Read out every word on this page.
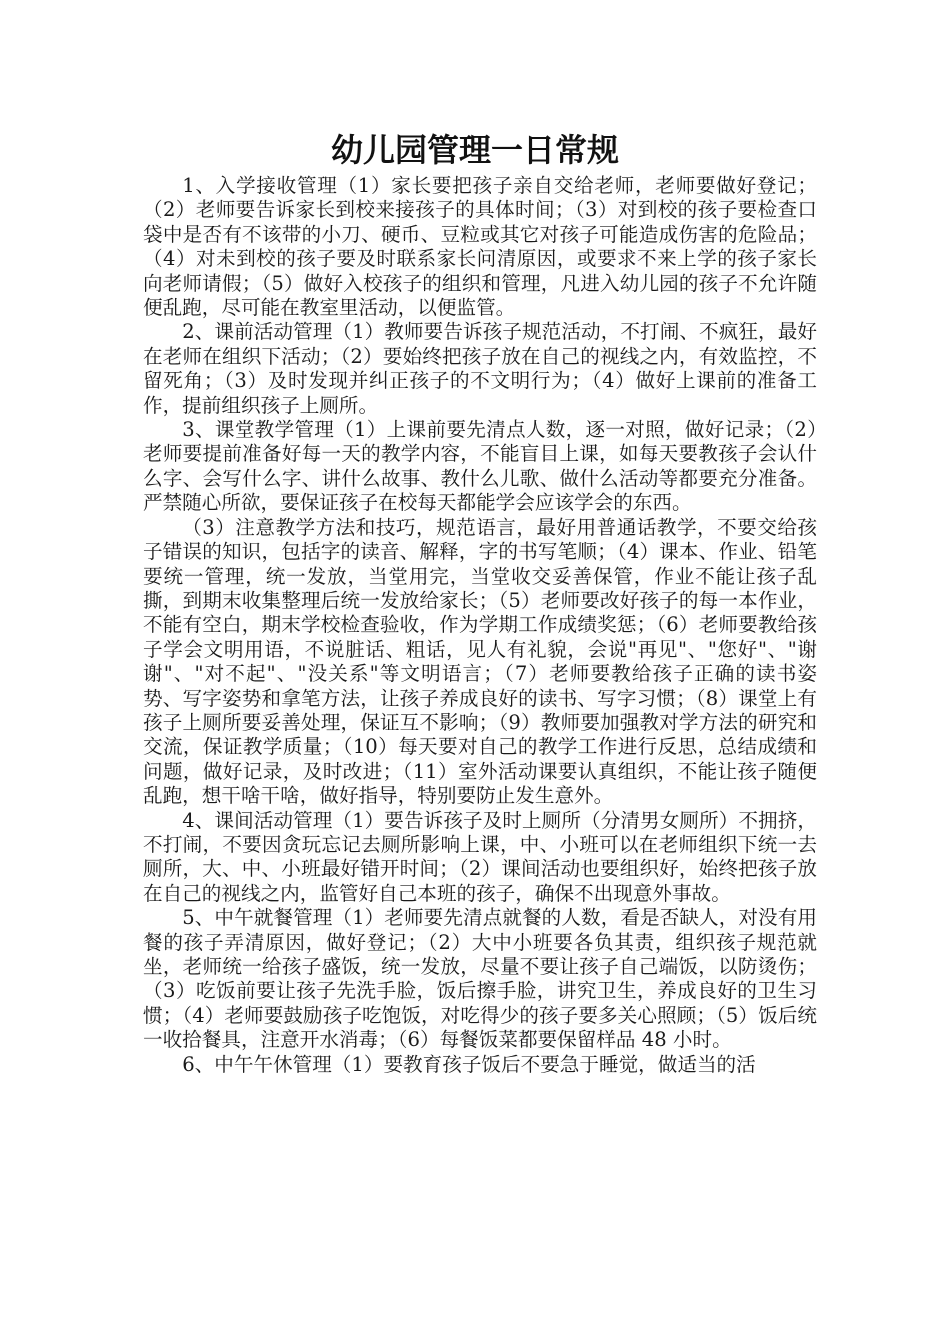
幼儿园管理一日常规

1、入学接收管理（1）家长要把孩子亲自交给老师，老师要做好登记；（2）老师要告诉家长到校来接孩子的具体时间；（3）对到校的孩子要检查口袋中是否有不该带的小刀、硬币、豆粒或其它对孩子可能造成伤害的危险品；（4）对未到校的孩子要及时联系家长问清原因，或要求不来上学的孩子家长向老师请假；（5）做好入校孩子的组织和管理，凡进入幼儿园的孩子不允许随便乱跑，尽可能在教室里活动，以便监管。

2、课前活动管理（1）教师要告诉孩子规范活动，不打闹、不疯狂，最好在老师在组织下活动；（2）要始终把孩子放在自己的视线之内，有效监控，不留死角；（3）及时发现并纠正孩子的不文明行为；（4）做好上课前的准备工作，提前组织孩子上厕所。

3、课堂教学管理（1）上课前要先清点人数，逐一对照，做好记录；（2）老师要提前准备好每一天的教学内容，不能盲目上课，如每天要教孩子会认什么字、会写什么字、讲什么故事、教什么儿歌、做什么活动等都要充分准备。严禁随心所欲，要保证孩子在校每天都能学会应该学会的东西。

（3）注意教学方法和技巧，规范语言，最好用普通话教学，不要交给孩子错误的知识，包括字的读音、解释，字的书写笔顺；（4）课本、作业、铅笔要统一管理，统一发放，当堂用完，当堂收交妥善保管，作业不能让孩子乱撕，到期末收集整理后统一发放给家长；（5）老师要改好孩子的每一本作业，不能有空白，期末学校检查验收，作为学期工作成绩奖惩；（6）老师要教给孩子学会文明用语，不说脏话、粗话，见人有礼貌，会说"再见"、"您好"、"谢谢"、"对不起"、"没关系"等文明语言；（7）老师要教给孩子正确的读书姿势、写字姿势和拿笔方法，让孩子养成良好的读书、写字习惯；（8）课堂上有孩子上厕所要妥善处理，保证互不影响；（9）教师要加强教对学方法的研究和交流，保证教学质量；（10）每天要对自己的教学工作进行反思，总结成绩和问题，做好记录，及时改进；（11）室外活动课要认真组织，不能让孩子随便乱跑，想干啥干啥，做好指导，特别要防止发生意外。

4、课间活动管理（1）要告诉孩子及时上厕所（分清男女厕所）不拥挤，不打闹，不要因贪玩忘记去厕所影响上课，中、小班可以在老师组织下统一去厕所，大、中、小班最好错开时间；（2）课间活动也要组织好，始终把孩子放在自己的视线之内，监管好自己本班的孩子，确保不出现意外事故。

5、中午就餐管理（1）老师要先清点就餐的人数，看是否缺人，对没有用餐的孩子弄清原因，做好登记；（2）大中小班要各负其责，组织孩子规范就坐，老师统一给孩子盛饭，统一发放，尽量不要让孩子自己端饭，以防烫伤；（3）吃饭前要让孩子先洗手脸，饭后擦手脸，讲究卫生，养成良好的卫生习惯；（4）老师要鼓励孩子吃饱饭，对吃得少的孩子要多关心照顾；（5）饭后统一收拾餐具，注意开水消毒；（6）每餐饭菜都要保留样品 48 小时。

6、中午午休管理（1）要教育孩子饭后不要急于睡觉，做适当的活
